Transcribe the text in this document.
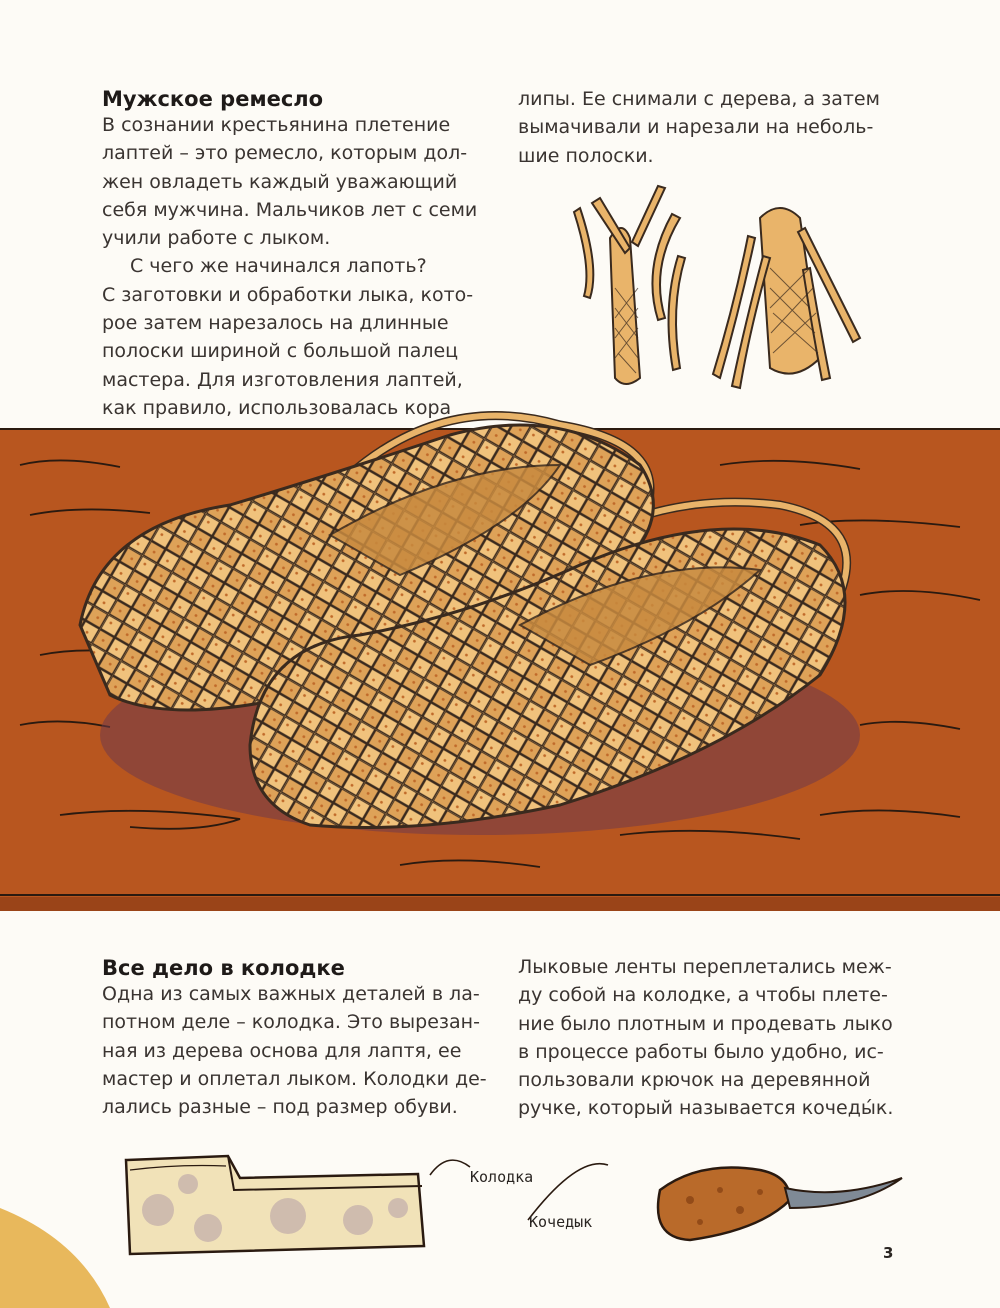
Мужское ремесло
В сознании крестьянина плетение
лаптей – это ремесло, которым дол-
жен овладеть каждый уважающий
себя мужчина. Мальчиков лет с семи
учили работе с лыком.
С чего же начинался лапоть?
С заготовки и обработки лыка, кото-
рое затем нарезалось на длинные
полоски шириной с большой палец
мастера. Для изготовления лаптей,
как правило, использовалась кора
липы. Ее снимали с дерева, а затем
вымачивали и нарезали на неболь-
шие полоски.
Все дело в колодке
Одна из самых важных деталей в ла-
потном деле – колодка. Это вырезан-
ная из дерева основа для лаптя, ее
мастер и оплетал лыком. Колодки де-
лались разные – под размер обуви.
Лыковые ленты переплетались меж-
ду собой на колодке, а чтобы плете-
ние было плотным и продевать лыко
в процессе работы было удобно, ис-
пользовали крючок на деревянной
ручке, который называется кочеды́к.
Колодка
Кочедык
3
